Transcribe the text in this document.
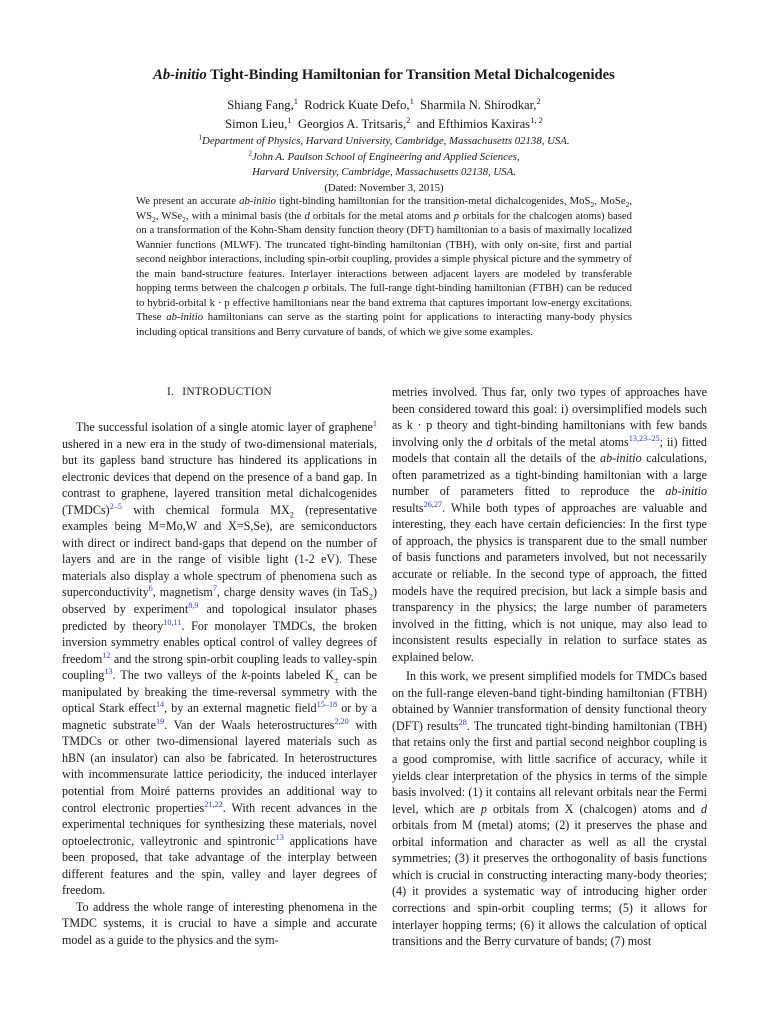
Ab-initio Tight-Binding Hamiltonian for Transition Metal Dichalcogenides
Shiang Fang,$^1$ Rodrick Kuate Defo,$^1$ Sharmila N. Shirodkar,$^2$
Simon Lieu,$^1$ Georgios A. Tritsaris,$^2$ and Efthimios Kaxiras$^{1, 2}$
$^1$Department of Physics, Harvard University, Cambridge, Massachusetts 02138, USA.
$^2$John A. Paulson School of Engineering and Applied Sciences,
Harvard University, Cambridge, Massachusetts 02138, USA.
(Dated: November 3, 2015)
We present an accurate ab-initio tight-binding hamiltonian for the transition-metal dichalcogenides, MoS$_2$, MoSe$_2$, $WS_2$, WSe$_2$, with a minimal basis (the d orbitals for the metal atoms and p orbitals for the chalcogen atoms) based on a transformation of the Kohn-Sham density function theory (DFT) hamiltonian to a basis of maximally localized Wannier functions (MLWF). The truncated tight-binding hamiltonian (TBH), with only on-site, first and partial second neighbor interactions, including spin-orbit coupling, provides a simple physical picture and the symmetry of the main band-structure features. Interlayer interactions between adjacent layers are modeled by transferable hopping terms between the chalcogen p orbitals. The full-range tight-binding hamiltonian (FTBH) can be reduced to hybrid-orbital k · p effective hamiltonians near the band extrema that captures important low-energy excitations. These ab-initio hamiltonians can serve as the starting point for applications to interacting many-body physics including optical transitions and Berry curvature of bands, of which we give some examples.
I. INTRODUCTION

The successful isolation of a single atomic layer of graphene$^1$ ushered in a new era in the study of two-dimensional materials, but its gapless band structure has hindered its applications in electronic devices that depend on the presence of a band gap. In contrast to graphene, layered transition metal dichalcogenides (TMDCs)$^{2-5}$ with chemical formula $MX_2$ (representative examples being M=Mo,W and X=S,Se), are semiconductors with direct or indirect band-gaps that depend on the number of layers and are in the range of visible light (1-2 eV). These materials also display a whole spectrum of phenomena such as superconductivity$^6$, magnetism$^7$, charge density waves (in TaS$_2$) observed by experiment$^{8,9}$ and topological insulator phases predicted by theory$^{10,11}$. For monolayer TMDCs, the broken inversion symmetry enables optical control of valley degrees of freedom$^{12}$ and the strong spin-orbit coupling leads to valley-spin coupling$^{13}$. The two valleys of the k-points labeled $K_\pm$ can be manipulated by breaking the time-reversal symmetry with the optical Stark effect$^{14}$, by an external magnetic field$^{15-18}$ or by a magnetic substrate$^{19}$. Van der Waals heterostructures$^{2,20}$ with TMDCs or other two-dimensional layered materials such as hBN (an insulator) can also be fabricated. In heterostructures with incommensurate lattice periodicity, the induced interlayer potential from Moiré patterns provides an additional way to control electronic properties$^{21,22}$. With recent advances in the experimental techniques for synthesizing these materials, novel optoelectronic, valleytronic and spintronic$^{13}$ applications have been proposed, that take advantage of the interplay between different features and the spin, valley and layer degrees of freedom.

To address the whole range of interesting phenomena in the TMDC systems, it is crucial to have a simple and accurate model as a guide to the physics and the sym-

metries involved. Thus far, only two types of approaches have been considered toward this goal: i) oversimplified models such as k · p theory and tight-binding hamiltonians with few bands involving only the d orbitals of the metal atoms$^{13,23-25}$; ii) fitted models that contain all the details of the ab-initio calculations, often parametrized as a tight-binding hamiltonian with a large number of parameters fitted to reproduce the ab-initio results$^{26,27}$. While both types of approaches are valuable and interesting, they each have certain deficiencies: In the first type of approach, the physics is transparent due to the small number of basis functions and parameters involved, but not necessarily accurate or reliable. In the second type of approach, the fitted models have the required precision, but lack a simple basis and transparency in the physics; the large number of parameters involved in the fitting, which is not unique, may also lead to inconsistent results especially in relation to surface states as explained below.

In this work, we present simplified models for TMDCs based on the full-range eleven-band tight-binding hamiltonian (FTBH) obtained by Wannier transformation of density functional theory (DFT) results$^{28}$. The truncated tight-binding hamiltonian (TBH) that retains only the first and partial second neighbor coupling is a good compromise, with little sacrifice of accuracy, while it yields clear interpretation of the physics in terms of the simple basis involved: (1) it contains all relevant orbitals near the Fermi level, which are p orbitals from X (chalcogen) atoms and d orbitals from M (metal) atoms; (2) it preserves the phase and orbital information and character as well as all the crystal symmetries; (3) it preserves the orthogonality of basis functions which is crucial in constructing interacting many-body theories; (4) it provides a systematic way of introducing higher order corrections and spin-orbit coupling terms; (5) it allows for interlayer hopping terms; (6) it allows the calculation of optical transitions and the Berry curvature of bands; (7) most
